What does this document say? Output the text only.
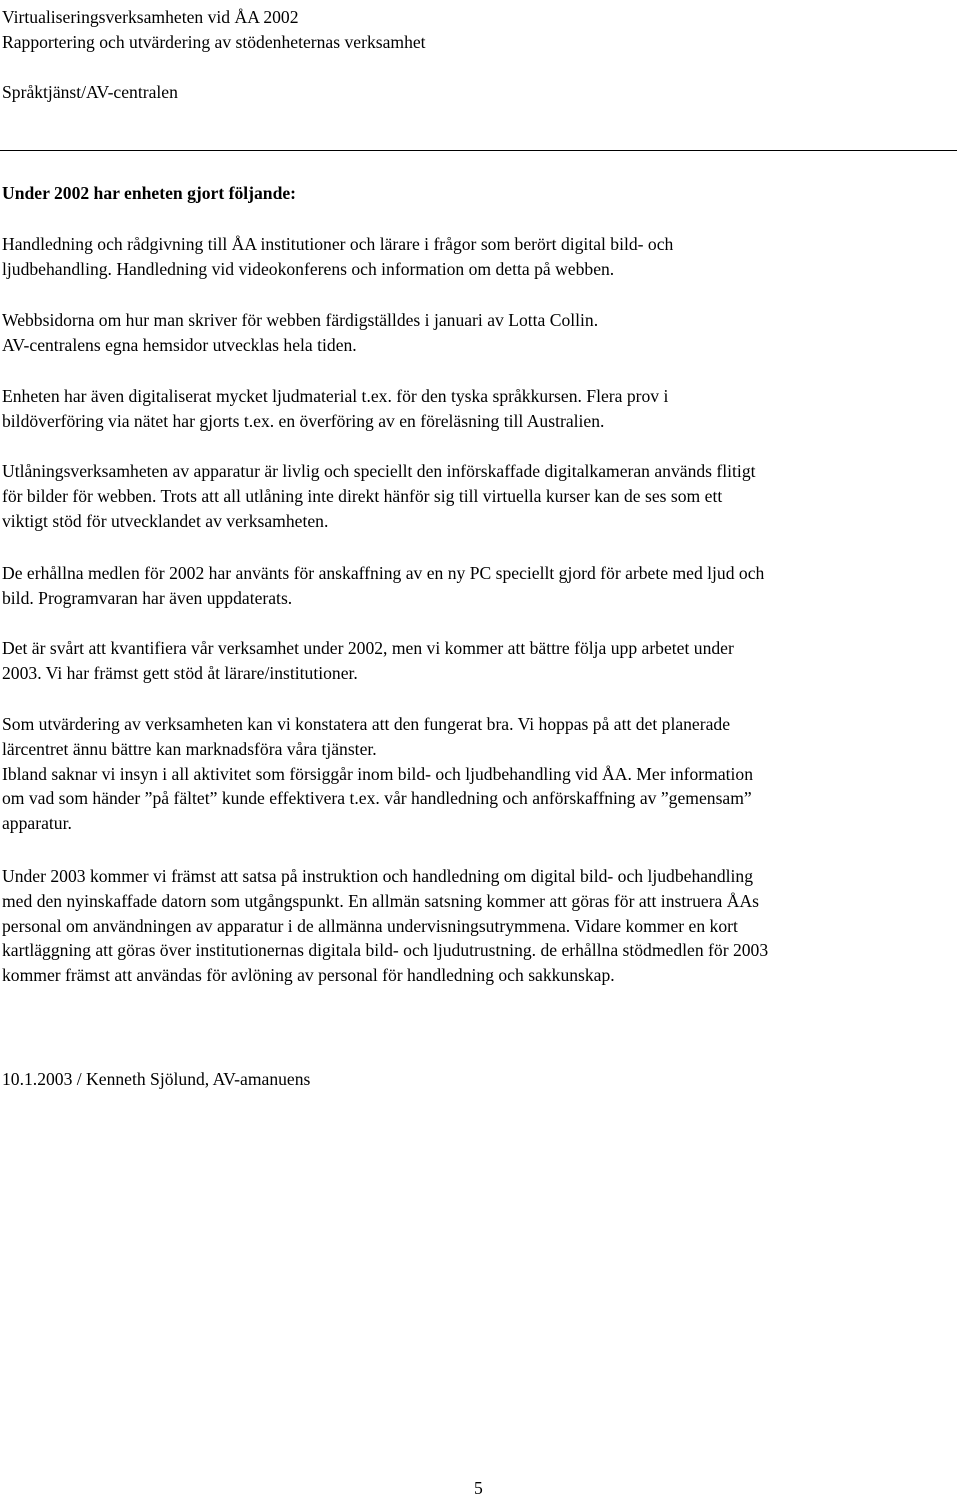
Virtualiseringsverksamheten vid ÅA 2002
Rapportering och utvärdering av stödenheternas verksamhet
Språktjänst/AV-centralen
Under 2002 har enheten gjort följande:

Handledning och rådgivning till ÅA institutioner och lärare i frågor som berört digital bild- och
ljudbehandling. Handledning vid videokonferens och information om detta på webben.

Webbsidorna om hur man skriver för webben färdigställdes i januari av Lotta Collin.
AV-centralens egna hemsidor utvecklas hela tiden.

Enheten har även digitaliserat mycket ljudmaterial t.ex. för den tyska språkkursen. Flera prov i
bildöverföring via nätet har gjorts t.ex. en överföring av en föreläsning till Australien.

Utlåningsverksamheten av apparatur är livlig och speciellt den införskaffade digitalkameran används flitigt
för bilder för webben. Trots att all utlåning inte direkt hänför sig till virtuella kurser kan de ses som ett
viktigt stöd för utvecklandet av verksamheten.

De erhållna medlen för 2002 har använts för anskaffning av en ny PC speciellt gjord för arbete med ljud och
bild. Programvaran har även uppdaterats.

Det är svårt att kvantifiera vår verksamhet under 2002, men vi kommer att bättre följa upp arbetet under
2003. Vi har främst gett stöd åt lärare/institutioner.

Som utvärdering av verksamheten kan vi konstatera att den fungerat bra. Vi hoppas på att det planerade
lärcentret ännu bättre kan marknadsföra våra tjänster.
Ibland saknar vi insyn i all aktivitet som försiggår inom bild- och ljudbehandling vid ÅA. Mer information
om vad som händer ”på fältet” kunde effektivera t.ex. vår handledning och anförskaffning av ”gemensam”
apparatur.

Under 2003 kommer vi främst att satsa på instruktion och handledning om digital bild- och ljudbehandling
med den nyinskaffade datorn som utgångspunkt. En allmän satsning kommer att göras för att instruera ÅAs
personal om användningen av apparatur i de allmänna undervisningsutrymmena. Vidare kommer en kort
kartläggning att göras över institutionernas digitala bild- och ljudutrustning. de erhållna stödmedlen för 2003
kommer främst att användas för avlöning av personal för handledning och sakkunskap.

10.1.2003 / Kenneth Sjölund, AV-amanuens
5
